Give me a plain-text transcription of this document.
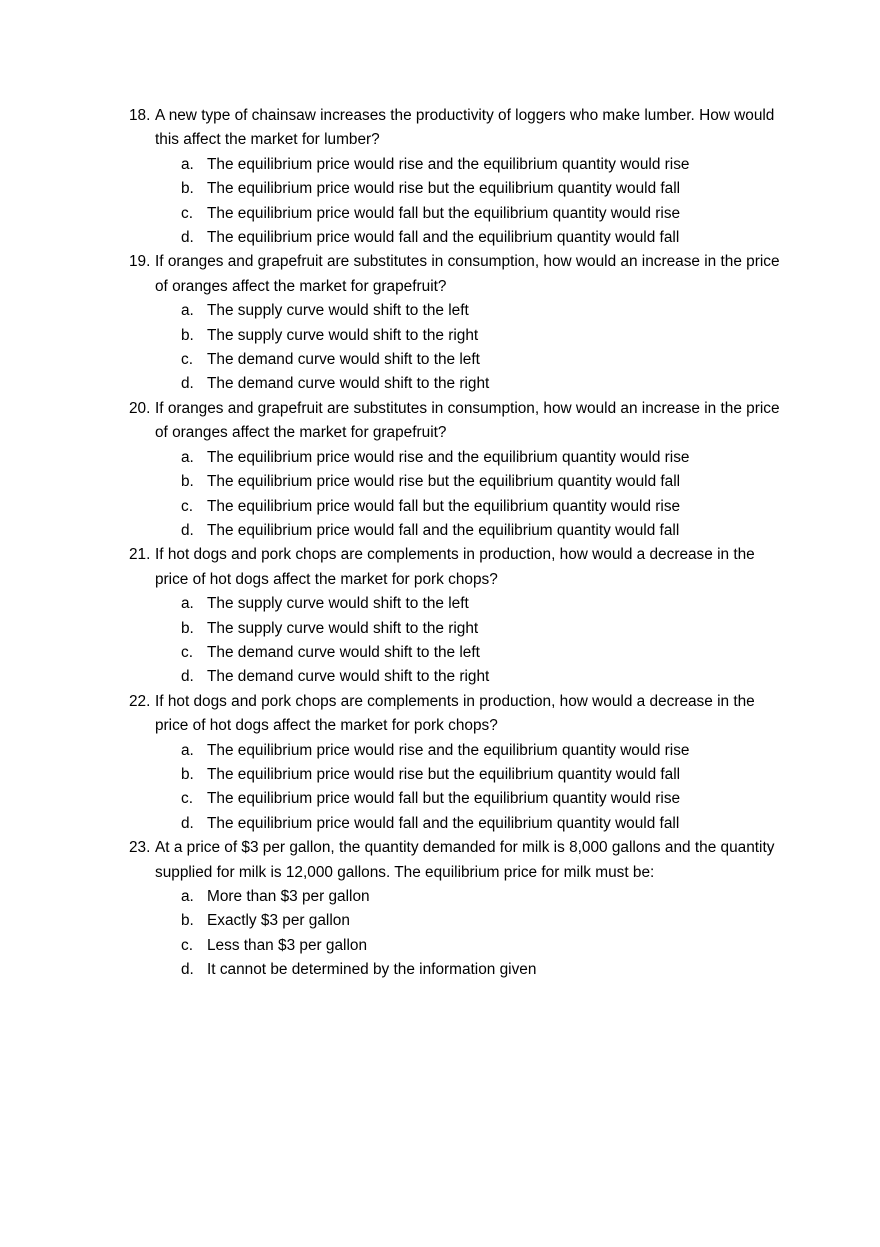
18. A new type of chainsaw increases the productivity of loggers who make lumber. How would this affect the market for lumber?
a. The equilibrium price would rise and the equilibrium quantity would rise
b. The equilibrium price would rise but the equilibrium quantity would fall
c. The equilibrium price would fall but the equilibrium quantity would rise
d. The equilibrium price would fall and the equilibrium quantity would fall
19. If oranges and grapefruit are substitutes in consumption, how would an increase in the price of oranges affect the market for grapefruit?
a. The supply curve would shift to the left
b. The supply curve would shift to the right
c. The demand curve would shift to the left
d. The demand curve would shift to the right
20. If oranges and grapefruit are substitutes in consumption, how would an increase in the price of oranges affect the market for grapefruit?
a. The equilibrium price would rise and the equilibrium quantity would rise
b. The equilibrium price would rise but the equilibrium quantity would fall
c. The equilibrium price would fall but the equilibrium quantity would rise
d. The equilibrium price would fall and the equilibrium quantity would fall
21. If hot dogs and pork chops are complements in production, how would a decrease in the price of hot dogs affect the market for pork chops?
a. The supply curve would shift to the left
b. The supply curve would shift to the right
c. The demand curve would shift to the left
d. The demand curve would shift to the right
22. If hot dogs and pork chops are complements in production, how would a decrease in the price of hot dogs affect the market for pork chops?
a. The equilibrium price would rise and the equilibrium quantity would rise
b. The equilibrium price would rise but the equilibrium quantity would fall
c. The equilibrium price would fall but the equilibrium quantity would rise
d. The equilibrium price would fall and the equilibrium quantity would fall
23. At a price of $3 per gallon, the quantity demanded for milk is 8,000 gallons and the quantity supplied for milk is 12,000 gallons. The equilibrium price for milk must be:
a. More than $3 per gallon
b. Exactly $3 per gallon
c. Less than $3 per gallon
d. It cannot be determined by the information given
